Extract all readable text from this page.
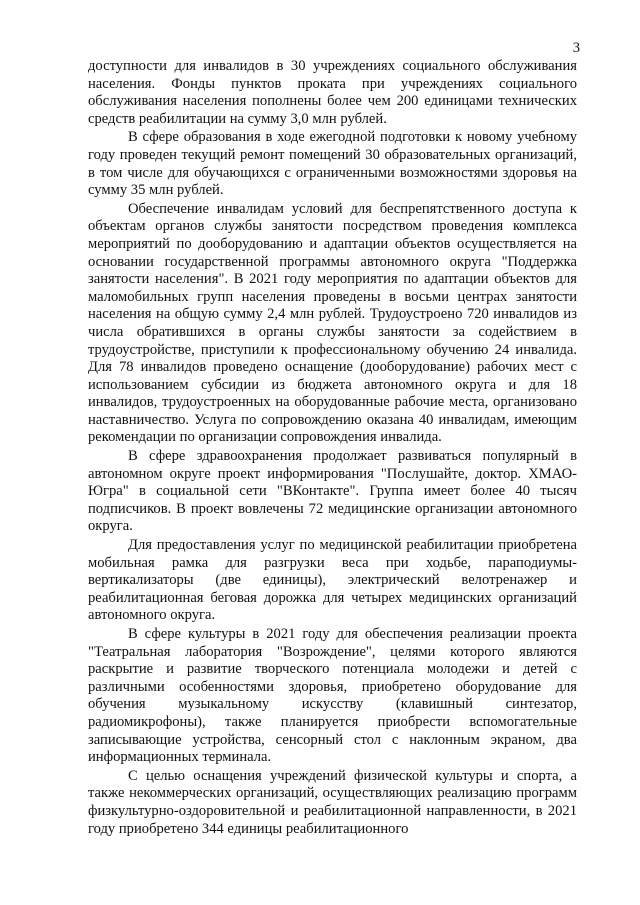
3

доступности для инвалидов в 30 учреждениях социального обслуживания населения. Фонды пунктов проката при учреждениях социального обслуживания населения пополнены более чем 200 единицами технических средств реабилитации на сумму 3,0 млн рублей.

В сфере образования в ходе ежегодной подготовки к новому учебному году проведен текущий ремонт помещений 30 образовательных организаций, в том числе для обучающихся с ограниченными возможностями здоровья на сумму 35 млн рублей.

Обеспечение инвалидам условий для беспрепятственного доступа к объектам органов службы занятости посредством проведения комплекса мероприятий по дооборудованию и адаптации объектов осуществляется на основании государственной программы автономного округа "Поддержка занятости населения". В 2021 году мероприятия по адаптации объектов для маломобильных групп населения проведены в восьми центрах занятости населения на общую сумму 2,4 млн рублей. Трудоустроено 720 инвалидов из числа обратившихся в органы службы занятости за содействием в трудоустройстве, приступили к профессиональному обучению 24 инвалида. Для 78 инвалидов проведено оснащение (дооборудование) рабочих мест с использованием субсидии из бюджета автономного округа и для 18 инвалидов, трудоустроенных на оборудованные рабочие места, организовано наставничество. Услуга по сопровождению оказана 40 инвалидам, имеющим рекомендации по организации сопровождения инвалида.

В сфере здравоохранения продолжает развиваться популярный в автономном округе проект информирования "Послушайте, доктор. ХМАО-Югра" в социальной сети "ВКонтакте". Группа имеет более 40 тысяч подписчиков. В проект вовлечены 72 медицинские организации автономного округа.

Для предоставления услуг по медицинской реабилитации приобретена мобильная рамка для разгрузки веса при ходьбе, параподиумы-вертикализаторы (две единицы), электрический велотренажер и реабилитационная беговая дорожка для четырех медицинских организаций автономного округа.

В сфере культуры в 2021 году для обеспечения реализации проекта "Театральная лаборатория "Возрождение", целями которого являются раскрытие и развитие творческого потенциала молодежи и детей с различными особенностями здоровья, приобретено оборудование для обучения музыкальному искусству (клавишный синтезатор, радиомикрофоны), также планируется приобрести вспомогательные записывающие устройства, сенсорный стол с наклонным экраном, два информационных терминала.

С целью оснащения учреждений физической культуры и спорта, а также некоммерческих организаций, осуществляющих реализацию программ физкультурно-оздоровительной и реабилитационной направленности, в 2021 году приобретено 344 единицы реабилитационного
